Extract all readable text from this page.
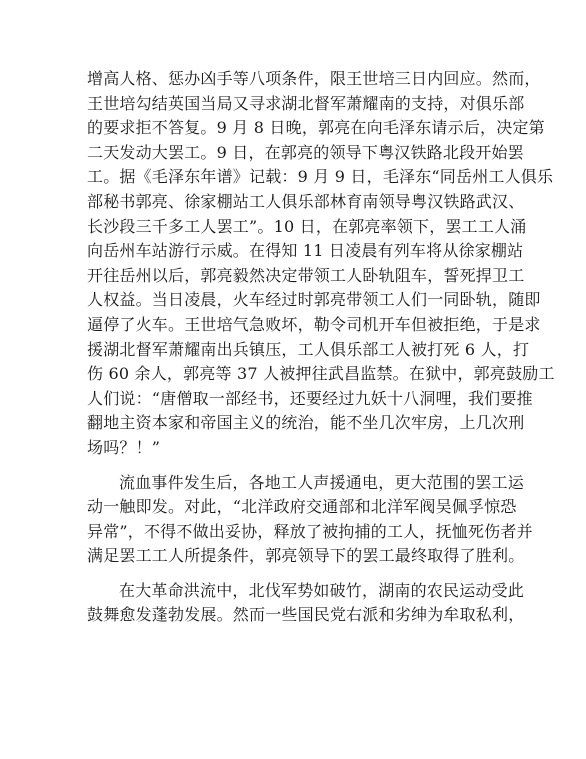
增高人格、惩办凶手等八项条件，限王世培三日内回应。然而，
王世培勾结英国当局又寻求湖北督军萧耀南的支持，对俱乐部
的要求拒不答复。9 月 8 日晚，郭亮在向毛泽东请示后，决定第
二天发动大罢工。9 日，在郭亮的领导下粤汉铁路北段开始罢
工。据《毛泽东年谱》记载：9 月 9 日，毛泽东“同岳州工人俱乐
部秘书郭亮、徐家棚站工人俱乐部林育南领导粤汉铁路武汉、
长沙段三千多工人罢工”。10 日，在郭亮率领下，罢工工人涌
向岳州车站游行示威。在得知 11 日凌晨有列车将从徐家棚站
开往岳州以后，郭亮毅然决定带领工人卧轨阻车，誓死捍卫工
人权益。当日凌晨，火车经过时郭亮带领工人们一同卧轨，随即
逼停了火车。王世培气急败坏，勒令司机开车但被拒绝，于是求
援湖北督军萧耀南出兵镇压，工人俱乐部工人被打死 6 人，打
伤 60 余人，郭亮等 37 人被押往武昌监禁。在狱中，郭亮鼓励工
人们说：“唐僧取一部经书，还要经过九妖十八洞哩，我们要推
翻地主资本家和帝国主义的统治，能不坐几次牢房，上几次刑
场吗？！”

流血事件发生后，各地工人声援通电，更大范围的罢工运
动一触即发。对此，“北洋政府交通部和北洋军阀吴佩孚惊恐
异常”，不得不做出妥协，释放了被拘捕的工人，抚恤死伤者并
满足罢工工人所提条件，郭亮领导下的罢工最终取得了胜利。

在大革命洪流中，北伐军势如破竹，湖南的农民运动受此
鼓舞愈发蓬勃发展。然而一些国民党右派和劣绅为牟取私利，
